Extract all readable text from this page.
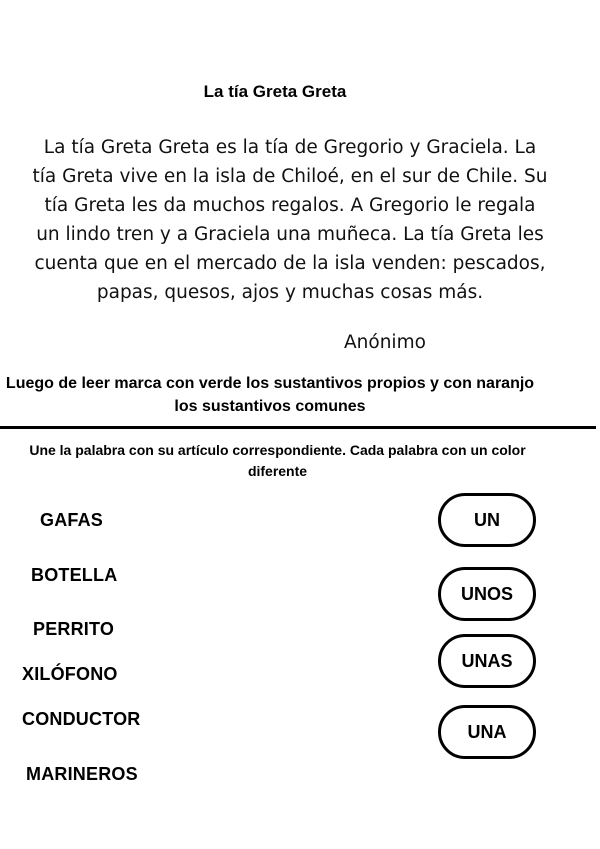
La tía Greta Greta
La tía Greta Greta es la tía de Gregorio y Graciela. La tía Greta vive en la isla de Chiloé, en el sur de Chile. Su tía Greta les da muchos regalos. A Gregorio le regala un lindo tren y a Graciela una muñeca. La tía Greta les cuenta que en el mercado de la isla venden: pescados, papas, quesos, ajos y muchas cosas más.
Anónimo
Luego de leer marca con verde los sustantivos propios y con naranjo los sustantivos comunes
Une la palabra con su artículo correspondiente. Cada palabra con un color diferente
GAFAS
BOTELLA
PERRITO
XILÓFONO
CONDUCTOR
MARINEROS
UN
UNOS
UNAS
UNA
